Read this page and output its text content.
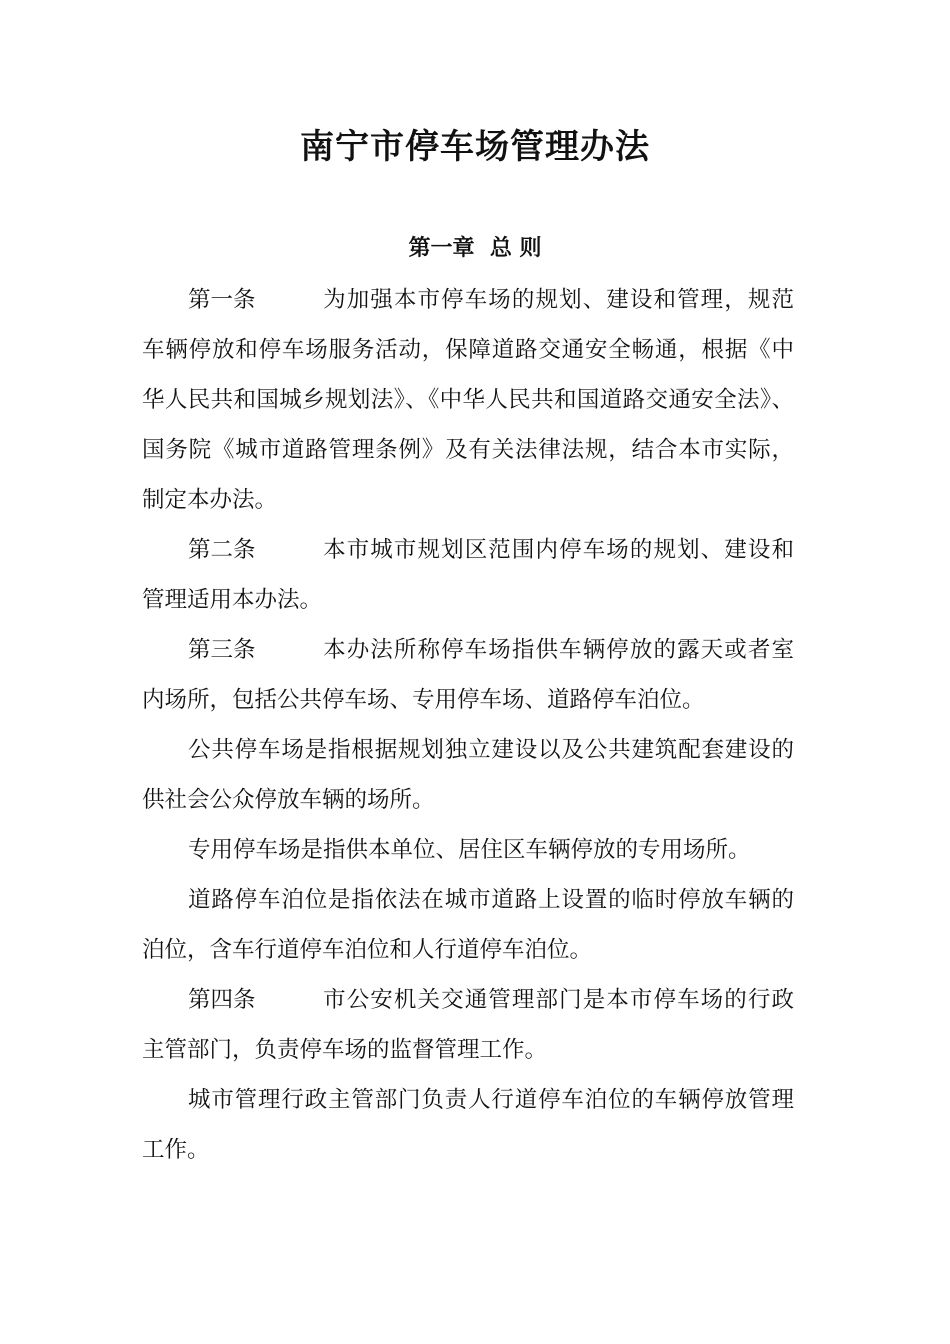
南宁市停车场管理办法
第一章  总 则

第一条	为加强本市停车场的规划、建设和管理，规范车辆停放和停车场服务活动，保障道路交通安全畅通，根据《中华人民共和国城乡规划法》、《中华人民共和国道路交通安全法》、国务院《城市道路管理条例》及有关法律法规，结合本市实际，制定本办法。

第二条	本市城市规划区范围内停车场的规划、建设和管理适用本办法。

第三条	本办法所称停车场指供车辆停放的露天或者室内场所，包括公共停车场、专用停车场、道路停车泊位。

公共停车场是指根据规划独立建设以及公共建筑配套建设的供社会公众停放车辆的场所。

专用停车场是指供本单位、居住区车辆停放的专用场所。

道路停车泊位是指依法在城市道路上设置的临时停放车辆的泊位，含车行道停车泊位和人行道停车泊位。

第四条	市公安机关交通管理部门是本市停车场的行政主管部门，负责停车场的监督管理工作。

城市管理行政主管部门负责人行道停车泊位的车辆停放管理工作。
